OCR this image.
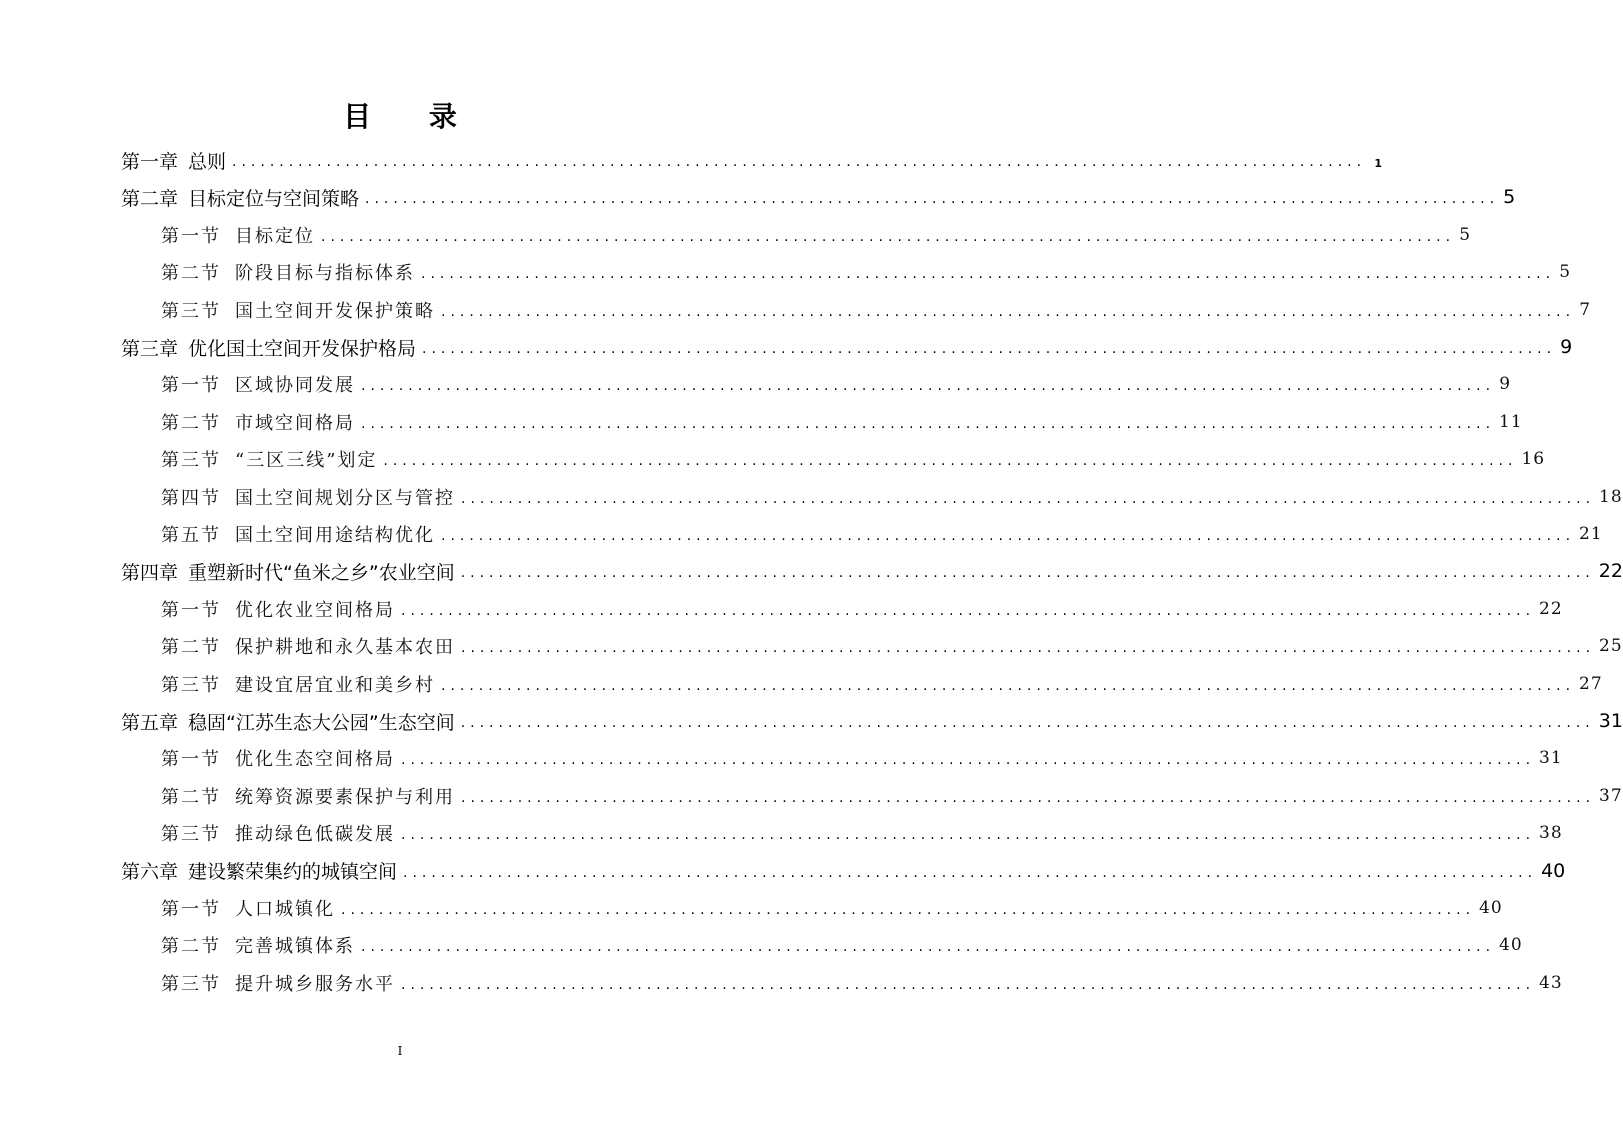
目 录
第一章 总则 ........................................................................................................................ 1
第二章 目标定位与空间策略 ........................................................................................................................ 5
第一节 目标定位 ........................................................................................................................ 5
第二节 阶段目标与指标体系 ........................................................................................................................ 5
第三节 国土空间开发保护策略 ........................................................................................................................ 7
第三章 优化国土空间开发保护格局 ........................................................................................................................ 9
第一节 区域协同发展 ........................................................................................................................ 9
第二节 市域空间格局 ........................................................................................................................ 11
第三节 “三区三线”划定 ........................................................................................................................ 16
第四节 国土空间规划分区与管控 ........................................................................................................................ 18
第五节 国土空间用途结构优化 ........................................................................................................................ 21
第四章 重塑新时代“鱼米之乡”农业空间 ........................................................................................................................ 22
第一节 优化农业空间格局 ........................................................................................................................ 22
第二节 保护耕地和永久基本农田 ........................................................................................................................ 25
第三节 建设宜居宜业和美乡村 ........................................................................................................................ 27
第五章 稳固“江苏生态大公园”生态空间 ........................................................................................................................ 31
第一节 优化生态空间格局 ........................................................................................................................ 31
第二节 统筹资源要素保护与利用 ........................................................................................................................ 37
第三节 推动绿色低碳发展 ........................................................................................................................ 38
第六章 建设繁荣集约的城镇空间 ........................................................................................................................ 40
第一节 人口城镇化 ........................................................................................................................ 40
第二节 完善城镇体系 ........................................................................................................................ 40
第三节 提升城乡服务水平 ........................................................................................................................ 43
I
